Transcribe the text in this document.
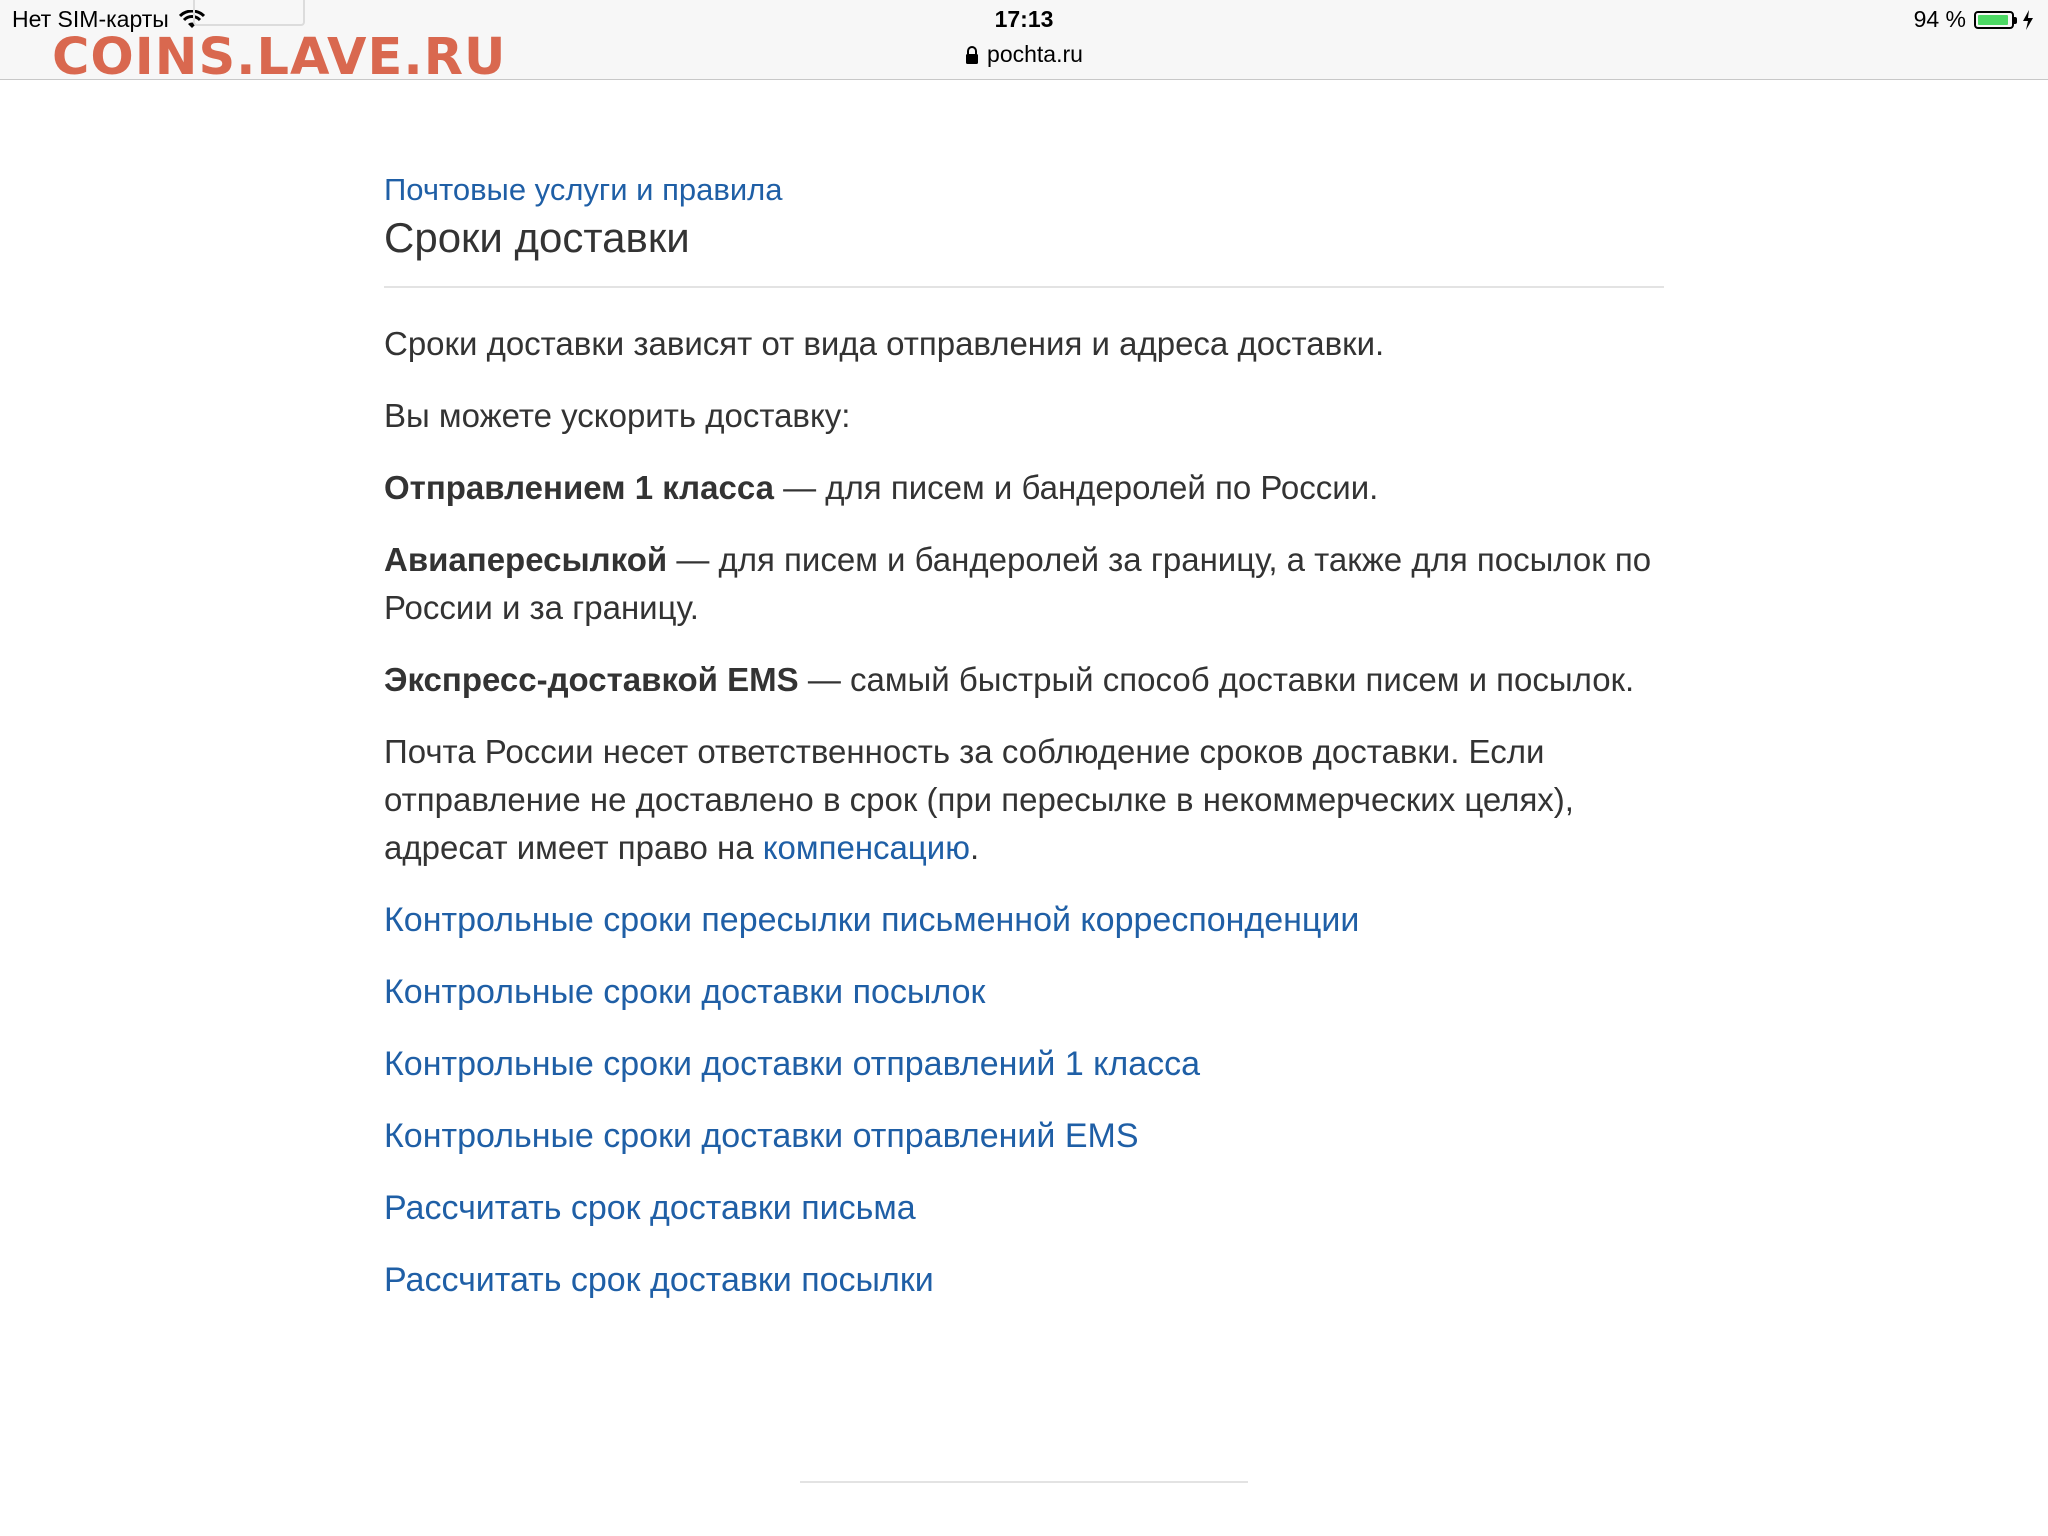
Нет SIM-карты
COINS.LAVE.RU
17:13
pochta.ru
94 %
Почтовые услуги и правила
Сроки доставки

Сроки доставки зависят от вида отправления и адреса доставки.

Вы можете ускорить доставку:

Отправлением 1 класса — для писем и бандеролей по России.

Авиапересылкой — для писем и бандеролей за границу, а также для посылок по России и за границу.

Экспресс-доставкой EMS — самый быстрый способ доставки писем и посылок.

Почта России несет ответственность за соблюдение сроков доставки. Если отправление не доставлено в срок (при пересылке в некоммерческих целях), адресат имеет право на компенсацию.

Контрольные сроки пересылки письменной корреспонденции
Контрольные сроки доставки посылок
Контрольные сроки доставки отправлений 1 класса
Контрольные сроки доставки отправлений EMS
Рассчитать срок доставки письма
Рассчитать срок доставки посылки
